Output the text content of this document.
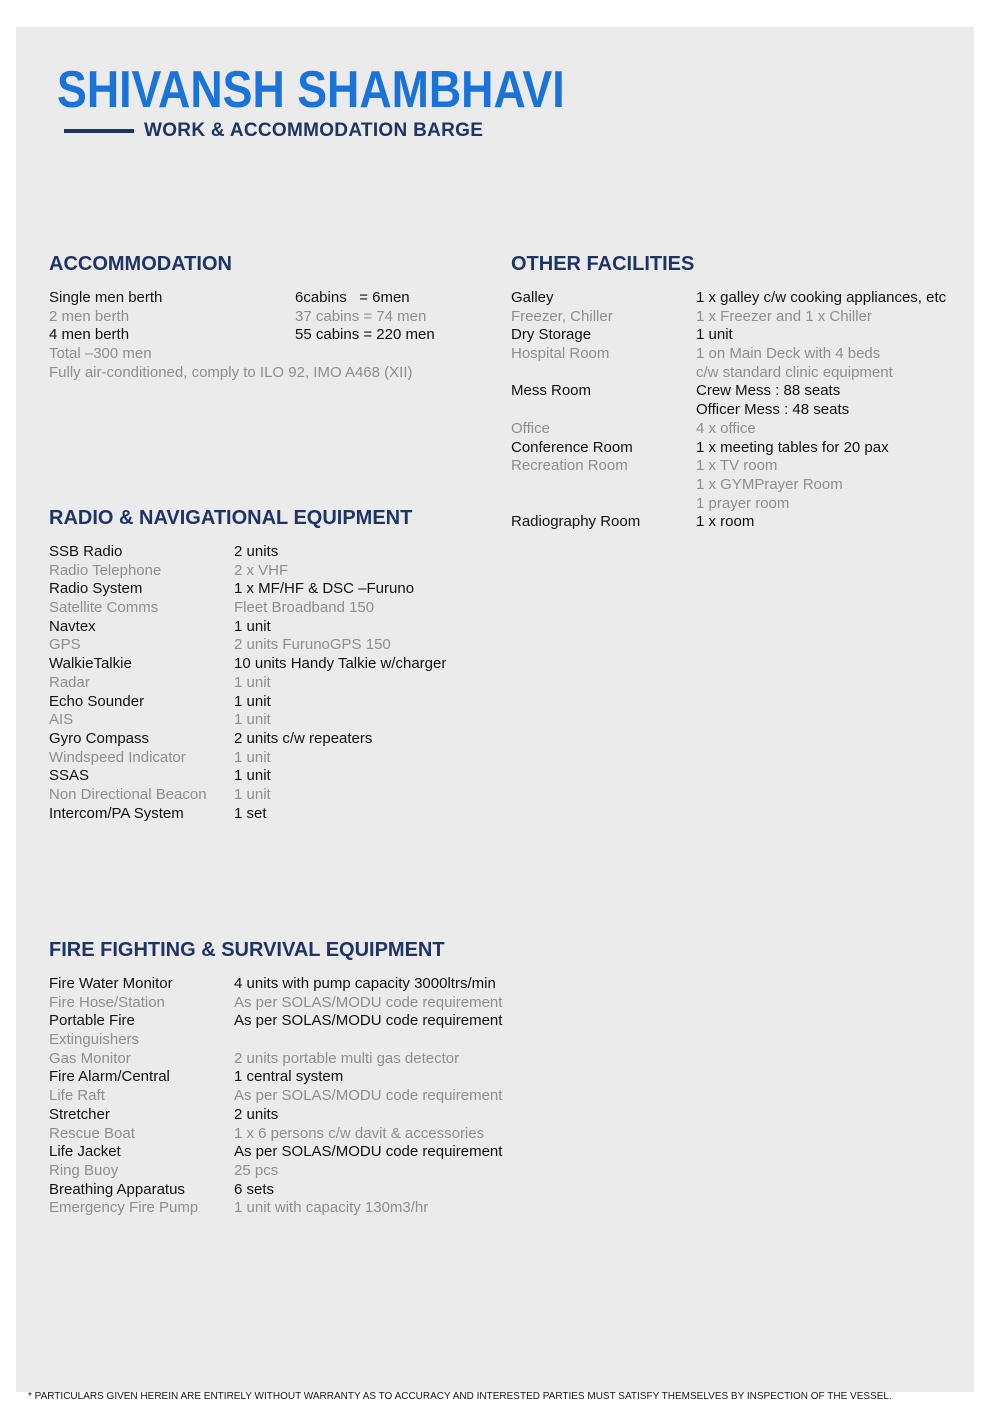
SHIVANSH SHAMBHAVI
WORK & ACCOMMODATION BARGE
ACCOMMODATION
Single men berth	6cabins   = 6men
2 men berth	37 cabins = 74 men
4 men berth	55 cabins = 220 men
Total –300 men
Fully air-conditioned, comply to ILO 92, IMO A468 (XII)
OTHER FACILITIES
Galley	1 x galley c/w cooking appliances, etc
Freezer, Chiller	1 x Freezer and 1 x Chiller
Dry Storage	1 unit
Hospital Room	1 on Main Deck with 4 beds
c/w standard clinic equipment
Mess Room	Crew Mess : 88 seats
Officer Mess : 48 seats
Office	4 x office
Conference Room	1 x meeting tables for 20 pax
Recreation Room	1 x TV room
1 x GYMPrayer Room
1 prayer room
Radiography Room	1 x room
RADIO & NAVIGATIONAL EQUIPMENT
SSB Radio	2 units
Radio Telephone	2 x VHF
Radio System	1 x MF/HF & DSC –Furuno
Satellite Comms	Fleet Broadband 150
Navtex	1 unit
GPS	2 units FurunoGPS 150
WalkieTalkie	10 units Handy Talkie w/charger
Radar	1 unit
Echo Sounder	1 unit
AIS	1 unit
Gyro Compass	2 units c/w repeaters
Windspeed Indicator	1 unit
SSAS	1 unit
Non Directional Beacon 1 unit
Intercom/PA System	1 set
FIRE FIGHTING & SURVIVAL EQUIPMENT
Fire Water Monitor	4 units with pump capacity 3000ltrs/min
Fire Hose/Station	As per SOLAS/MODU code requirement
Portable Fire	As per SOLAS/MODU code requirement
Extinguishers
Gas Monitor	2 units portable multi gas detector
Fire Alarm/Central	1 central system
Life Raft	As per SOLAS/MODU code requirement
Stretcher	2 units
Rescue Boat	1 x 6 persons c/w davit & accessories
Life Jacket	As per SOLAS/MODU code requirement
Ring Buoy	25 pcs
Breathing Apparatus	6 sets
Emergency Fire Pump 1 unit with capacity 130m3/hr
* PARTICULARS GIVEN HEREIN ARE ENTIRELY WITHOUT WARRANTY AS TO ACCURACY AND INTERESTED PARTIES MUST SATISFY THEMSELVES BY INSPECTION OF THE VESSEL.
